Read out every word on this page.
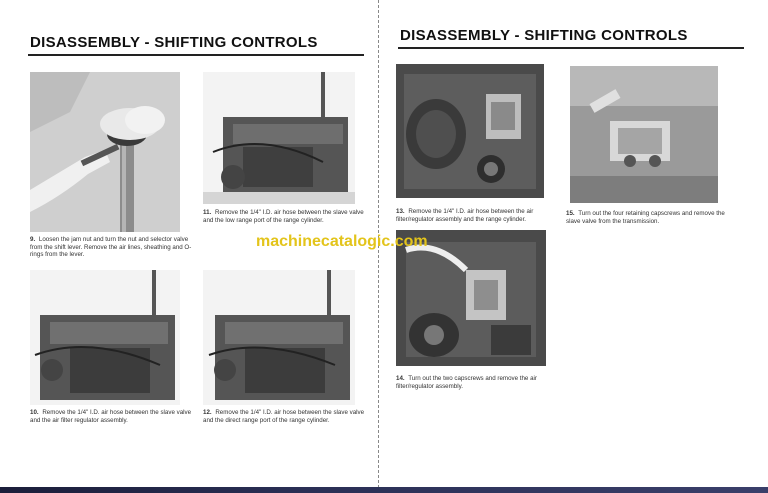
DISASSEMBLY - SHIFTING CONTROLS
9. Loosen the jam nut and turn the nut and selector valve from the shift lever. Remove the air lines, sheathing and O-rings from the lever.
11. Remove the 1/4" I.D. air hose between the slave valve and the low range port of the range cylinder.
10. Remove the 1/4" I.D. air hose between the slave valve and the air filter regulator assembly.
12. Remove the 1/4" I.D. air hose between the slave valve and the direct range port of the range cylinder.
DISASSEMBLY - SHIFTING CONTROLS
13. Remove the 1/4" I.D. air hose between the air filter/regulator assembly and the range cylinder.
15. Turn out the four retaining capscrews and remove the slave valve from the transmission.
14. Turn out the two capscrews and remove the air filter/regulator assembly.
machinecatalogic.com
